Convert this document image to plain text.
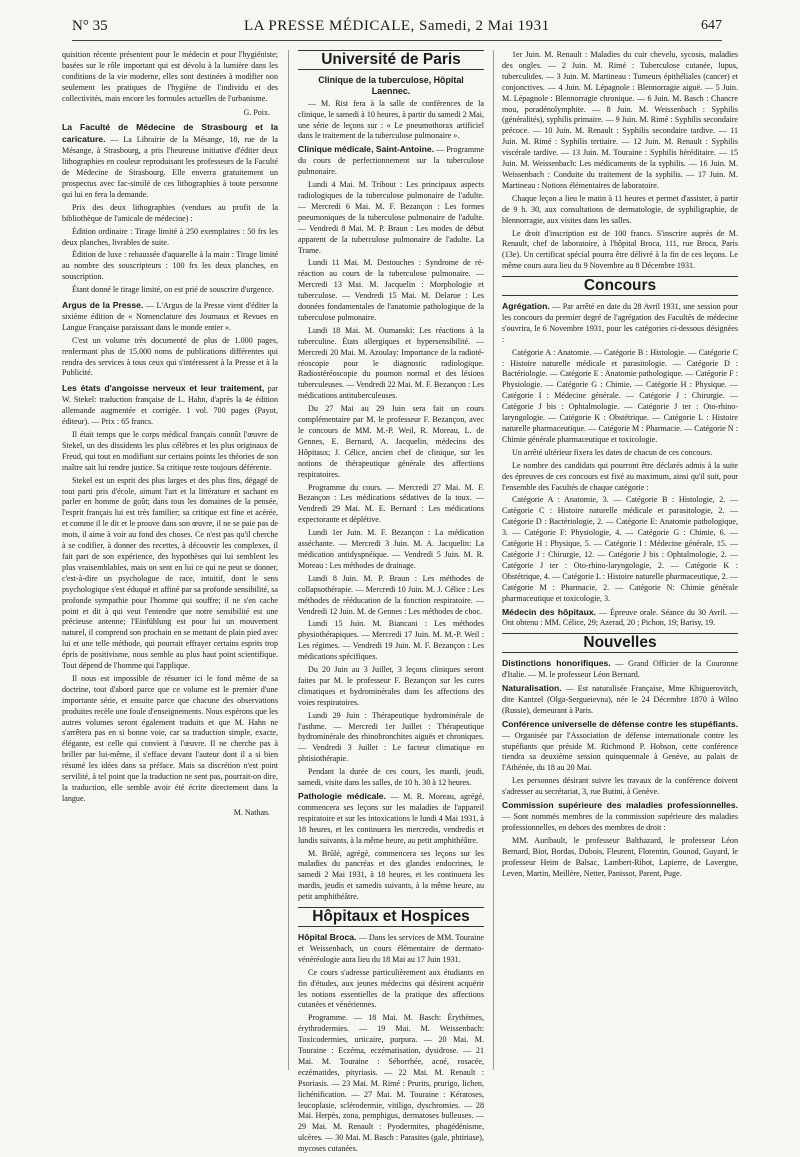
N° 35	LA PRESSE MÉDICALE, Samedi, 2 Mai 1931	647

quisition récente présentent pour le médecin et pour l'hygiéniste; basées sur le rôle important qui est dévolu à la lumière dans les conditions de la vie moderne, elles sont destinées à modifier non seulement les pratiques de l'hygiène de l'individu et des collectivités, mais encore les formules actuelles de l'urbanisme.

G. Poix.

La Faculté de Médecine de Strasbourg et la caricature. — La Librairie de la Mésange, 18, rue de la Mésange, à Strasbourg, a pris l'heureuse initiative d'éditer deux lithographies en couleur reproduisant les professeurs de la Faculté de Médecine de Strasbourg. Elle enverra gratuitement un prospectus avec fac-similé de ces lithographies à toute personne qui lui en fera la demande.

Prix des deux lithographies (vendues au profit de la bibliothèque de l'amicale de médecine) :

Édition ordinaire : Tirage limité à 250 exemplaires : 50 frs les deux planches, livrables de suite.

Édition de luxe : rehaussée d'aquarelle à la main : Tirage limité au nombre des souscripteurs : 100 frs les deux planches, en souscription.

Étant donné le tirage limité, on est prié de souscrire d'urgence.

Argus de la Presse. — L'Argus de la Presse vient d'éditer la sixième édition de « Nomenclature des Journaux et Revues en Langue Française paraissant dans le monde entier ».

C'est un volume très documenté de plus de 1.000 pages, renfermant plus de 15.000 noms de publications différentes qui rendra des services à tous ceux qui s'intéressent à la Presse et à la Publicité.

Les états d'angoisse nerveux et leur traitement, par W. Stekel: traduction française de L. Hahn, d'après la 4e édition allemande augmentée et corrigée. 1 vol. 700 pages (Payot, éditeur). — Prix : 65 francs.

Il était temps que le corps médical français connût l'œuvre de Stekel, un des dissidents les plus célèbres et les plus originaux de Freud, qui tout en modifiant sur certains points les théories de son maître sait lui rendre justice. Sa critique reste toujours déférente.

Stekel est un esprit des plus larges et des plus fins, dégagé de tout parti pris d'école, aimant l'art et la littérature et sachant en parler en homme de goût; dans tous les domaines de la pensée, l'esprit français lui est très familier; sa critique est fine et acérée, et comme il le dit et le prouve dans son œuvre, il ne se paie pas de mots, il aime à voir au fond des choses. Ce n'est pas qu'il cherche à se codifier, à donner des recettes, à découvrir les complexes, il fait part de son expérience, des hypothèses qui lui semblent les plus vraisemblables, mais on sent en lui ce qui ne peut se donner, c'est-à-dire un psychologue de race, intuitif, dont le sens psychologique s'est éduqué et affiné par sa profonde sensibilité, sa profonde sympathie pour l'homme qui souffre; il ne s'en cache point et dit à qui veut l'entendre que notre sensibilité est une précieuse antenne; l'Einfühlung est pour lui un mouvement naturel, il comprend son prochain en se mettant de plain pied avec lui et une telle méthode, qui pourrait effrayer certains esprits trop épris de positivisme, nous semble au plus haut point scientifique. Tout dépend de l'homme qui l'applique.

Il nous est impossible de résumer ici le fond même de sa doctrine, tout d'abord parce que ce volume est le premier d'une importante série, et ensuite parce que chacune des observations produites recèle une foule d'enseignements. Nous espérons que les autres volumes seront également traduits et que M. Hahn ne s'arrêtera pas en si bonne voie, car sa traduction simple, exacte, élégante, est celle qui convient à l'œuvre. Il ne cherche pas à briller par lui-même, il s'efface devant l'auteur dont il a si bien résumé les idées dans sa préface. Mais sa discrétion n'est point servilité, à tel point que la traduction ne sent pas, pourrait-on dire, la traduction, elle semble avoir été écrite directement dans la langue.

M. Nathan.
Université de Paris
Clinique de la tuberculose, Hôpital Laennec.

— M. Rist fera à la salle de conférences de la clinique, le samedi à 10 heures, à partir du samedi 2 Mai, une série de leçons sur : « Le pneumothorax artificiel dans le traitement de la tuberculose pulmonaire ».

Clinique médicale, Saint-Antoine. — Programme du cours de perfectionnement sur la tuberculose pulmonaire.

Lundi 4 Mai. M. Tribout : Les principaux aspects radiologiques de la tuberculose pulmonaire de l'adulte. — Mercredi 6 Mai. M. F. Bezançon : Les formes pneumoniques de la tuberculose pulmonaire de l'adulte. — Vendredi 8 Mai. M. P. Braun : Les modes de début apparent de la tuberculose pulmonaire de l'adulte. La Trame.

Lundi 11 Mai. M. Destouches : Syndrome de ré-réaction au cours de la tuberculose pulmonaire. — Mercredi 13 Mai. M. Jacquelin : Morphologie et tuberculose. — Vendredi 15 Mai. M. Delarue : Les données fondamentales de l'anatomie pathologique de la tuberculose pulmonaire.

Lundi 18 Mai. M. Oumanski: Les réactions à la tuberculine. États allergiques et hypersensibilité. — Mercredi 20 Mai. M. Azoulay: Importance de la radioté-réoscopie pour le diagnostic radiologique. Radiostéréoscopie du poumon normal et des lésions tuberculeuses. — Vendredi 22 Mai. M. F. Bezançon : Les médications antituberculeuses.

Du 27 Mai au 29 Juin sera fait un cours complémentaire par M. le professeur F. Bezançon, avec le concours de MM. M.-P. Weil, R. Moreau, L. de Gennes, E. Bernard, A. Jacquelin, médecins des Hôpitaux; J. Célice, ancien chef de clinique, sur les notions de thérapeutique générale des affections respiratoires.

Programme du cours. — Mercredi 27 Mai. M. F. Bezançon : Les médications sédatives de la toux. — Vendredi 29 Mai. M. E. Bernard : Les médications expectorante et déplétive.

Lundi 1er Juin. M. F. Bezançon : La médication asséchante. — Mercredi 3 Juin. M. A. Jacquelin: La médication antidyspnéique. — Vendredi 5 Juin. M. R. Moreau : Les méthodes de drainage.

Lundi 8 Juin. M. P. Braun : Les méthodes de collapsothérapie. — Mercredi 10 Juin. M. J. Célice : Les méthodes de rééducation de la fonction respiratoire. — Vendredi 12 Juin. M. de Gennes : Les méthodes de choc.

Lundi 15 Juin. M. Biancani : Les méthodes physiothérapiques. — Mercredi 17 Juin. M. M.-P. Weil : Les régimes. — Vendredi 19 Juin. M. F. Bezançon : Les médications spécifiques.

Du 20 Juin au 3 Juillet, 3 leçons cliniques seront faites par M. le professeur F. Bezançon sur les cures climatiques et hydrominérales dans les affections des voies respiratoires.

Lundi 29 Juin : Thérapeutique hydrominérale de l'asthme. — Mercredi 1er Juillet : Thérapeutique hydrominérale des rhinobronchites aiguës et chroniques. — Vendredi 3 Juillet : Le facteur climatique en phtisiothérapie.

Pendant la durée de ces cours, les mardi, jeudi, samedi, visite dans les salles, de 10 h. 30 à 12 heures.

Pathologie médicale. — M. R. Moreau, agrégé, commencera ses leçons sur les maladies de l'appareil respiratoire et sur les intoxications le lundi 4 Mai 1931, à 18 heures, et les continuera les mercredis, vendredis et lundis suivants, à la même heure, au petit amphithéâtre.

M. Brûlé, agrégé, commencera ses leçons sur les maladies du pancréas et des glandes endocrines, le samedi 2 Mai 1931, à 18 heures, et les continuera les mardis, jeudis et samedis suivants, à la même heure, au petit amphithéâtre.

Hôpitaux et Hospices

Hôpital Broca. — Dans les services de MM. Touraine et Weissenbach, un cours élémentaire de dermato-vénéréologie aura lieu du 18 Mai au 17 Juin 1931.

Ce cours s'adresse particulièrement aux étudiants en fin d'études, aux jeunes médecins qui désirent acquérir les notions essentielles de la pratique des affections cutanées et vénériennes.

Programme. — 18 Mai. M. Basch: Érythèmes, érythrodermies. — 19 Mai. M. Weissenbach: Toxicodermies, urticaire, purpura. — 20 Mai. M. Touraine : Eczéma, eczématisation, dysidrose. — 21 Mai. M. Touraine : Séborrhée, acné, rosacée, eczématides, pityriasis. — 22 Mai. M. Renault : Psoriasis. — 23 Mai. M. Rimé : Prurits, prurigo, lichen, lichénification. — 27 Mai. M. Touraine : Kératoses, leucoplasie, sclérodermie, vitiligo, dyschromies. — 28 Mai. Herpès, zona, pemphigus, dermatoses bulleuses. — 29 Mai. M. Renault : Pyodermites, phagédénisme, ulcères. — 30 Mai. M. Basch : Parasites (gale, phtiriase), mycoses cutanées.

1er Juin. M. Renault : Maladies du cuir chevelu, sycosis, maladies des ongles. — 2 Juin. M. Rimé : Tuberculose cutanée, lupus, tuberculides. — 3 Juin. M. Martineau : Tumeurs épithéliales (cancer) et conjonctives. — 4 Juin. M. Lépagnole : Blennorragie aiguë. — 5 Juin. M. Lépagnole : Blennorragie chronique. — 6 Juin. M. Basch : Chancre mou, poradénolymphite. — 8 Juin. M. Weissenbach : Syphilis (généralités), syphilis primaire. — 9 Juin. M. Rimé : Syphilis secondaire précoce. — 10 Juin. M. Renault : Syphilis secondaire tardive. — 11 Juin. M. Rimé : Syphilis tertiaire. — 12 Juin. M. Renault : Syphilis viscérale tardive. — 13 Juin. M. Touraine : Syphilis héréditaire. — 15 Juin. M. Weissenbach: Les médicaments de la syphilis. — 16 Juin. M. Weissenbach : Conduite du traitement de la syphilis. — 17 Juin. M. Martineau : Notions élémentaires de laboratoire.

Chaque leçon a lieu le matin à 11 heures et permet d'assister, à partir de 9 h. 30, aux consultations de dermatologie, de syphiligraphie, de blennorragie, aux visites dans les salles.

Le droit d'inscription est de 100 francs. S'inscrire auprès de M. Renault, chef de laboratoire, à l'hôpital Broca, 111, rue Broca, Paris (13e). Un certificat spécial pourra être délivré à la fin de ces leçons. Le même cours aura lieu du 9 Novembre au 8 Décembre 1931.

Concours

Agrégation. — Par arrêté en date du 28 Avril 1931, une session pour les concours du premier degré de l'agrégation des Facultés de médecine s'ouvrira, le 6 Novembre 1931, pour les catégories ci-dessous désignées :

Catégorie A : Anatomie. — Catégorie B : Histologie. — Catégorie C : Histoire naturelle médicale et parasitologie. — Catégorie D : Bactériologie. — Catégorie E : Anatomie pathologique. — Catégorie F : Physiologie. — Catégorie G : Chimie. — Catégorie H : Physique. — Catégorie I : Médecine générale. — Catégorie J : Chirurgie. — Catégorie J bis : Ophtalmologie. — Catégorie J ter : Oto-rhino-laryngologie. — Catégorie K : Obstétrique. — Catégorie L : Histoire naturelle pharmaceutique. — Catégorie M : Pharmacie. — Catégorie N : Chimie générale pharmaceutique et toxicologie.

Un arrêté ultérieur fixera les dates de chacun de ces concours.

Le nombre des candidats qui pourront être déclarés admis à la suite des épreuves de ces concours est fixé au maximum, ainsi qu'il suit, pour l'ensemble des Facultés de chaque catégorie :

Catégorie A : Anatomie, 3. — Catégorie B : Histologie, 2. — Catégorie C : Histoire naturelle médicale et parasitologie, 2. — Catégorie D : Bactériologie, 2. — Catégorie E: Anatomie pathologique, 3. — Catégorie F: Physiologie, 4. — Catégorie G : Chimie, 6. — Catégorie H : Physique, 5. — Catégorie I : Médecine générale, 15. — Catégorie J : Chirurgie, 12. — Catégorie J bis : Ophtalmologie, 2. — Catégorie J ter : Oto-rhino-laryngologie, 2. — Catégorie K : Obstétrique, 4. — Catégorie L : Histoire naturelle pharmaceutique, 2. — Catégorie M : Pharmacie, 2. — Catégorie N: Chimie générale pharmaceutique et toxicologie, 3.

Médecin des hôpitaux. — Épreuve orale. Séance du 30 Avril. — Ont obtenu : MM. Célice, 29; Azerad, 20 ; Pichon, 19; Barisy, 19.

Nouvelles

Distinctions honorifiques. — Grand Officier de la Couronne d'Italie. — M. le professeur Léon Bernard.

Naturalisation. — Est naturalisée Française, Mme Khiguerovitch, dite Kantzel (Olga-Sergueievna), née le 24 Décembre 1870 à Wilno (Russie), demeurant à Paris.

Conférence universelle de défense contre les stupéfiants. — Organisée par l'Association de défense internationale contre les stupéfiants que préside M. Richmond P. Hobson, cette conférence tiendra sa deuxième session quinquennale à Genève, au palais de l'Athénée, du 18 au 20 Mai.

Les personnes désirant suivre les travaux de la conférence doivent s'adresser au secrétariat, 3, rue Butini, à Genève.

Commission supérieure des maladies professionnelles. — Sont nommés membres de la commission supérieure des maladies professionnelles, en dehors des membres de droit :

MM. Auribault, le professeur Balthazard, le professeur Léon Bernard, Biot, Bordas, Dubois, Fleurent, Florentin, Gounod, Guyard, le professeur Heim de Balsac, Lambert-Ribot, Lapierre, de Lavergne, Leven, Martin, Meillère, Netter, Panissot, Parent, Puge.
